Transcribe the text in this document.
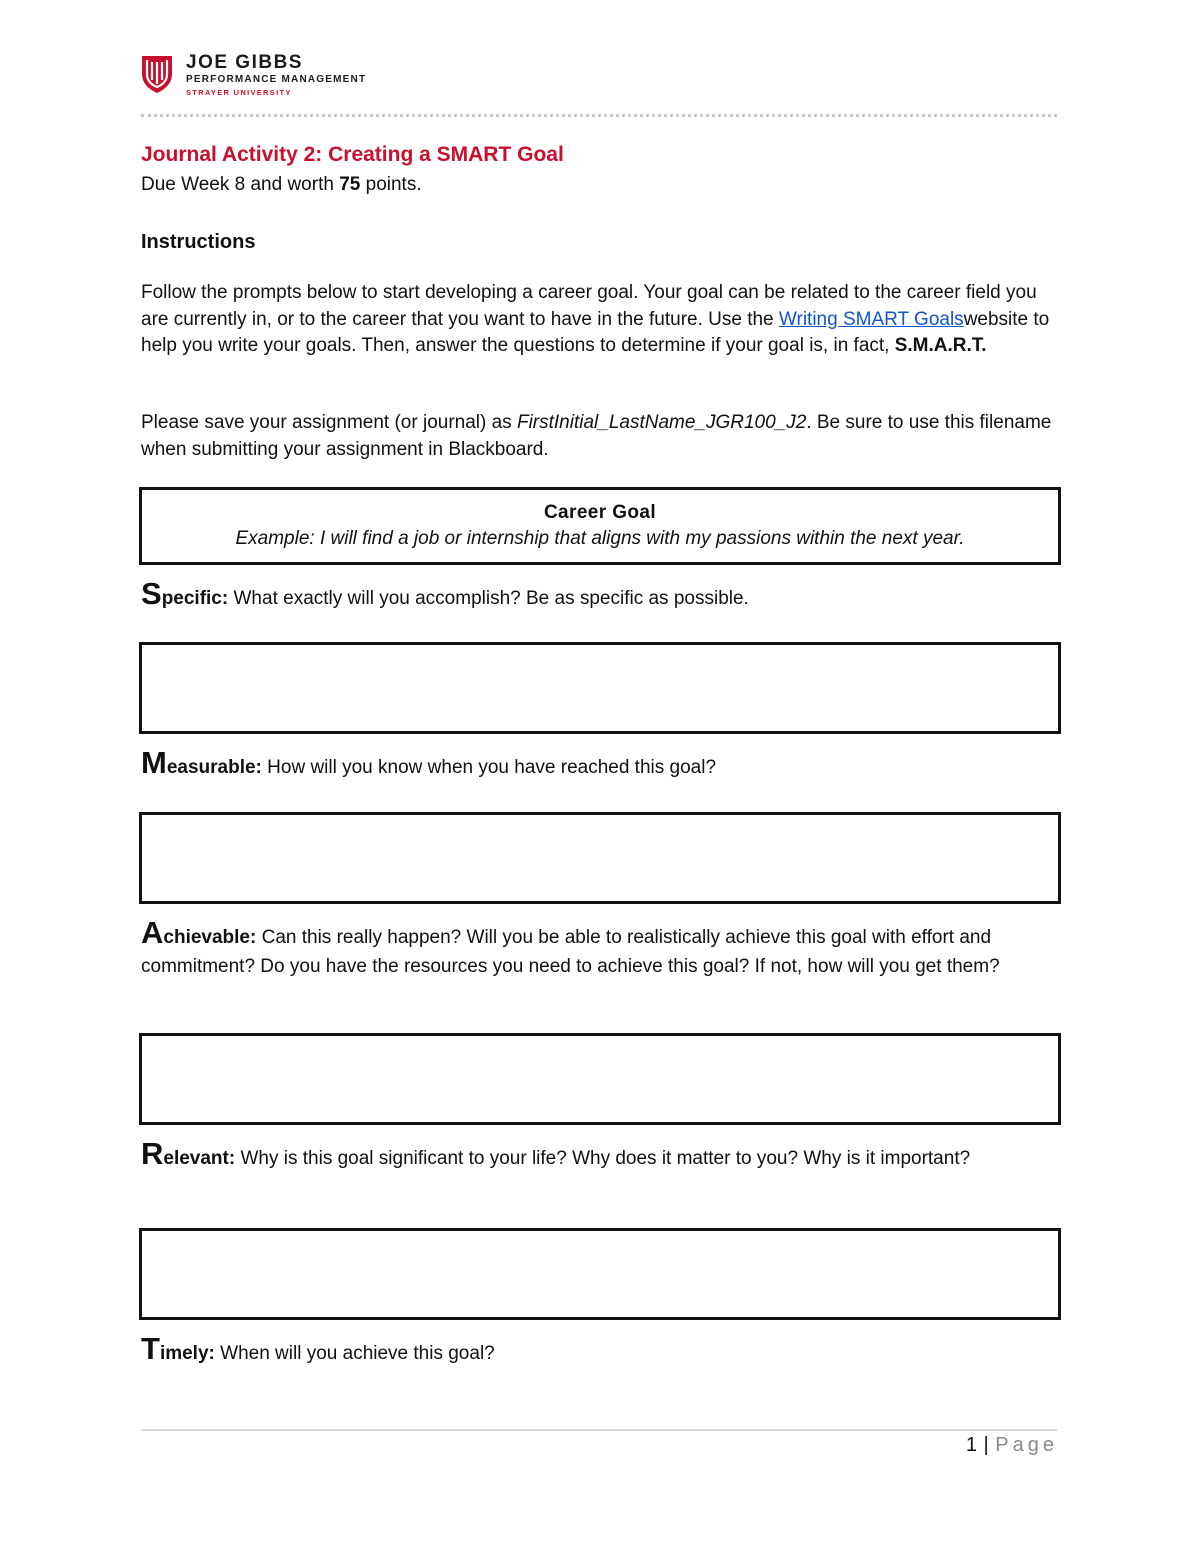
JOE GIBBS
PERFORMANCE MANAGEMENT
STRAYER UNIVERSITY
Journal Activity 2: Creating a SMART Goal
Due Week 8 and worth 75 points.
Instructions
Follow the prompts below to start developing a career goal. Your goal can be related to the career field you are currently in, or to the career that you want to have in the future. Use the Writing SMART Goalswebsite to help you write your goals. Then, answer the questions to determine if your goal is, in fact, S.M.A.R.T.
Please save your assignment (or journal) as FirstInitial_LastName_JGR100_J2. Be sure to use this filename when submitting your assignment in Blackboard.
Career Goal
Example: I will find a job or internship that aligns with my passions within the next year.
Specific: What exactly will you accomplish? Be as specific as possible.
Measurable: How will you know when you have reached this goal?
Achievable: Can this really happen? Will you be able to realistically achieve this goal with effort and commitment? Do you have the resources you need to achieve this goal? If not, how will you get them?
Relevant: Why is this goal significant to your life? Why does it matter to you? Why is it important?
Timely: When will you achieve this goal?
1 | Page
